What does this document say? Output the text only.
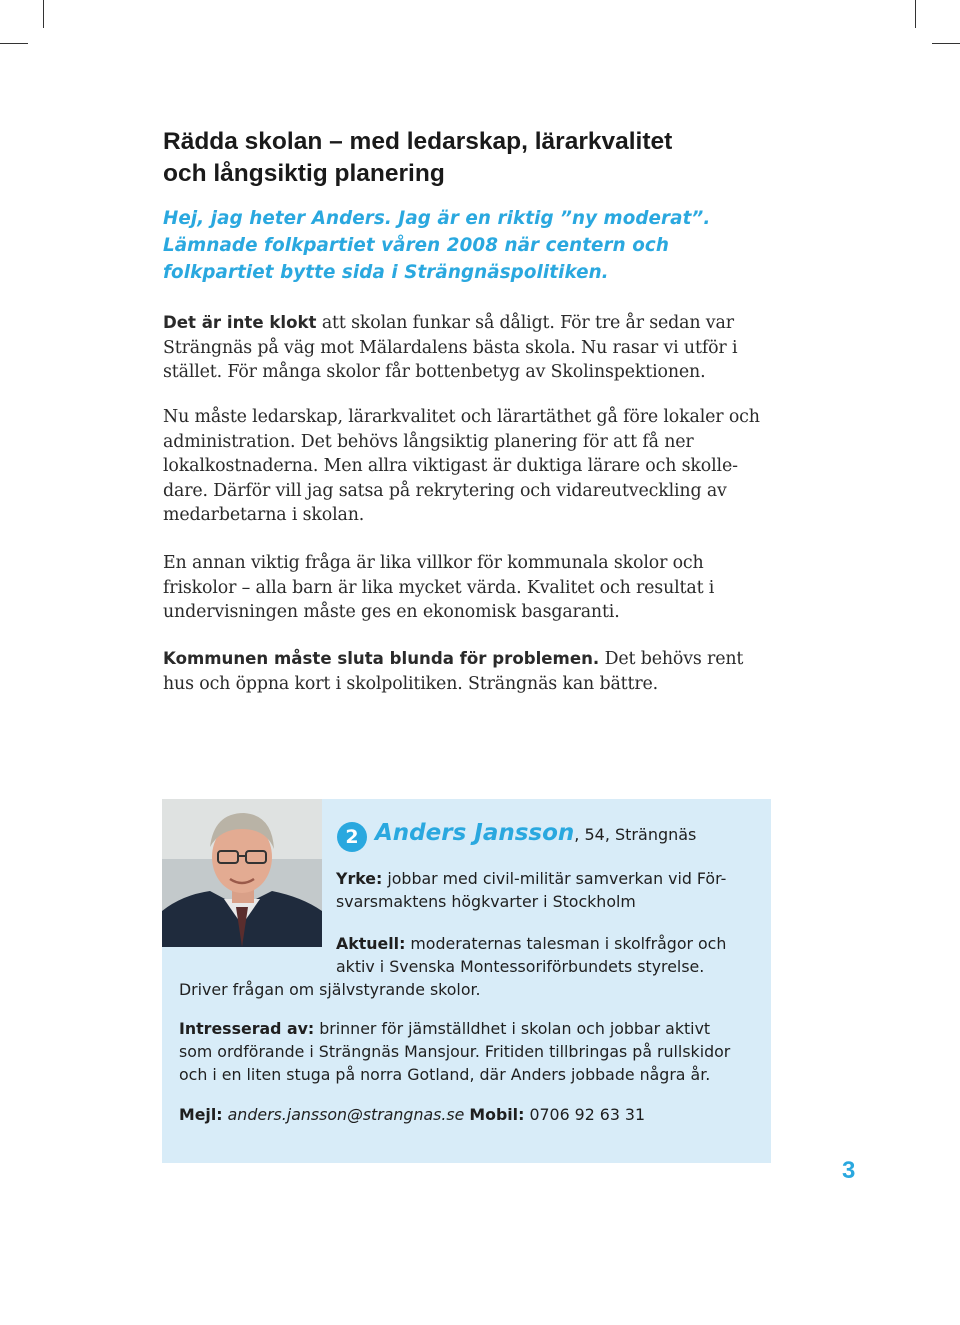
Rädda skolan – med ledarskap, lärarkvalitet
och långsiktig planering

Hej, jag heter Anders. Jag är en riktig ”ny moderat”.
Lämnade folkpartiet våren 2008 när centern och
folkpartiet bytte sida i Strängnäspolitiken.

Det är inte klokt att skolan funkar så dåligt. För tre år sedan var
Strängnäs på väg mot Mälardalens bästa skola. Nu rasar vi utför i
stället. För många skolor får bottenbetyg av Skolinspektionen.

Nu måste ledarskap, lärarkvalitet och lärartäthet gå före lokaler och
administration. Det behövs långsiktig planering för att få ner
lokalkostnaderna. Men allra viktigast är duktiga lärare och skolle-
dare. Därför vill jag satsa på rekrytering och vidareutveckling av
medarbetarna i skolan.

En annan viktig fråga är lika villkor för kommunala skolor och
friskolor – alla barn är lika mycket värda. Kvalitet och resultat i
undervisningen måste ges en ekonomisk basgaranti.

Kommunen måste sluta blunda för problemen. Det behövs rent
hus och öppna kort i skolpolitiken. Strängnäs kan bättre.

2 Anders Jansson, 54, Strängnäs

Yrke: jobbar med civil-militär samverkan vid För-
svarsmaktens högkvarter i Stockholm

Aktuell: moderaternas talesman i skolfrågor och
aktiv i Svenska Montessoriförbundets styrelse.

Driver frågan om självstyrande skolor.

Intresserad av: brinner för jämställdhet i skolan och jobbar aktivt
som ordförande i Strängnäs Mansjour. Fritiden tillbringas på rullskidor
och i en liten stuga på norra Gotland, där Anders jobbade några år.

Mejl: anders.jansson@strangnas.se Mobil: 0706 92 63 31

3
